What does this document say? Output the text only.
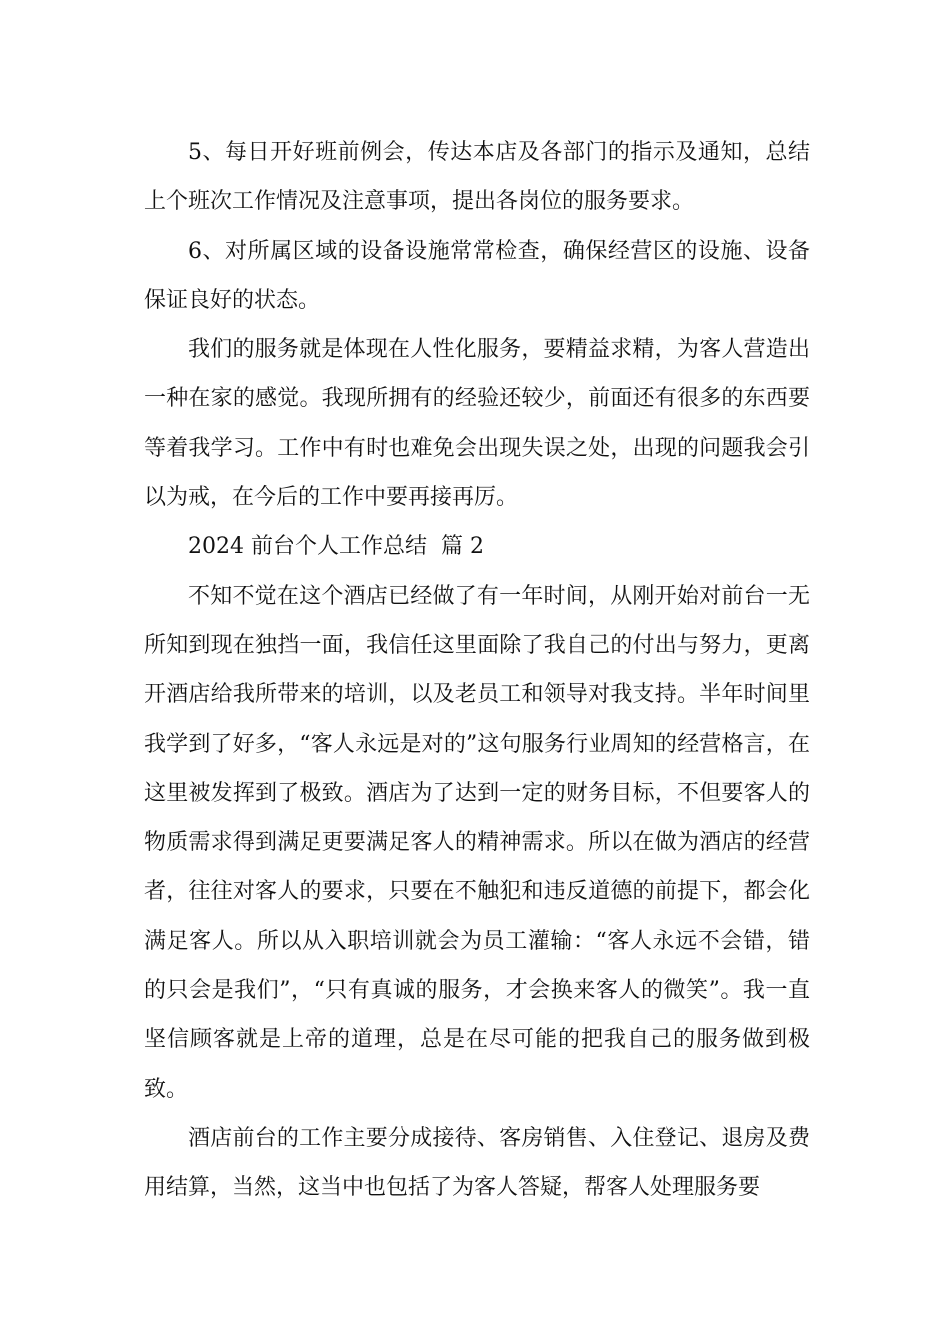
5、每日开好班前例会，传达本店及各部门的指示及通知，总结上个班次工作情况及注意事项，提出各岗位的服务要求。

6、对所属区域的设备设施常常检查，确保经营区的设施、设备保证良好的状态。

我们的服务就是体现在人性化服务，要精益求精，为客人营造出一种在家的感觉。我现所拥有的经验还较少，前面还有很多的东西要等着我学习。工作中有时也难免会出现失误之处，出现的问题我会引以为戒，在今后的工作中要再接再厉。

2024 前台个人工作总结  篇 2

不知不觉在这个酒店已经做了有一年时间，从刚开始对前台一无所知到现在独挡一面，我信任这里面除了我自己的付出与努力，更离开酒店给我所带来的培训，以及老员工和领导对我支持。半年时间里我学到了好多，“客人永远是对的”这句服务行业周知的经营格言，在这里被发挥到了极致。酒店为了达到一定的财务目标，不但要客人的物质需求得到满足更要满足客人的精神需求。所以在做为酒店的经营者，往往对客人的要求，只要在不触犯和违反道德的前提下，都会化满足客人。所以从入职培训就会为员工灌输：“客人永远不会错，错的只会是我们”，“只有真诚的服务，才会换来客人的微笑”。我一直坚信顾客就是上帝的道理，总是在尽可能的把我自己的服务做到极致。

酒店前台的工作主要分成接待、客房销售、入住登记、退房及费用结算，当然，这当中也包括了为客人答疑，帮客人处理服务要
